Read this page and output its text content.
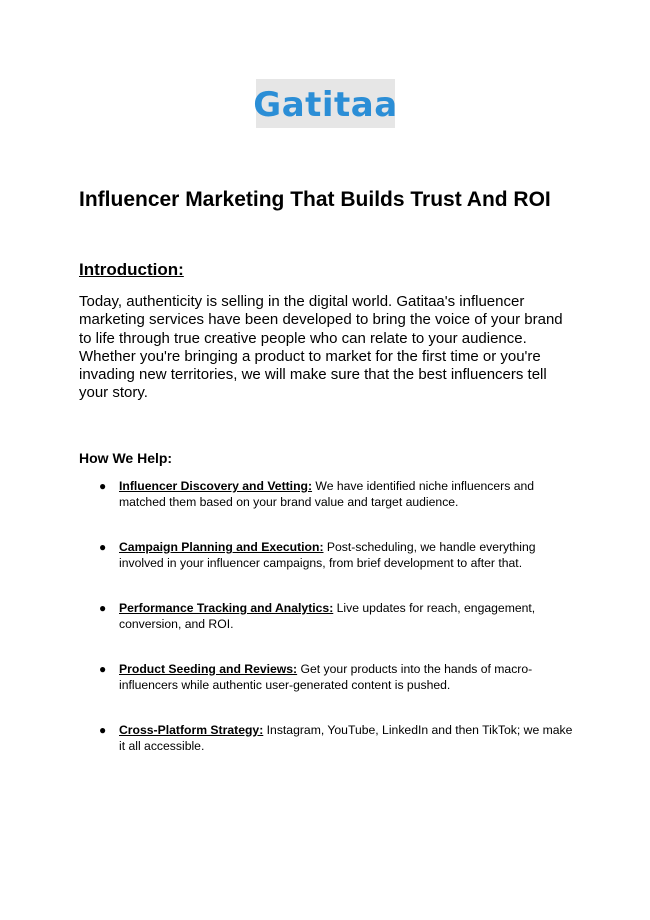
Gatitaa
Influencer Marketing That Builds Trust And ROI
Introduction:

Today, authenticity is selling in the digital world. Gatitaa's influencer marketing services have been developed to bring the voice of your brand to life through true creative people who can relate to your audience. Whether you're bringing a product to market for the first time or you're invading new territories, we will make sure that the best influencers tell your story.

How We Help:
● Influencer Discovery and Vetting: We have identified niche influencers and matched them based on your brand value and target audience.
● Campaign Planning and Execution: Post-scheduling, we handle everything involved in your influencer campaigns, from brief development to after that.
● Performance Tracking and Analytics: Live updates for reach, engagement, conversion, and ROI.
● Product Seeding and Reviews: Get your products into the hands of macro-influencers while authentic user-generated content is pushed.
● Cross-Platform Strategy: Instagram, YouTube, LinkedIn and then TikTok; we make it all accessible.
